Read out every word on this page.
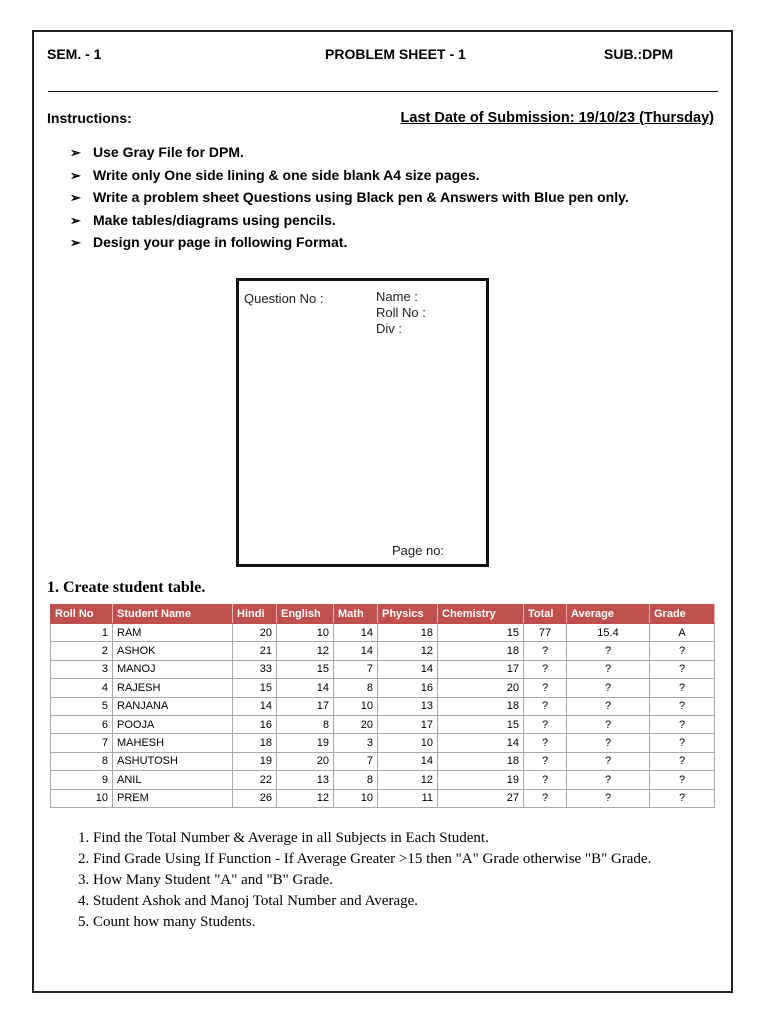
SEM. - 1	PROBLEM SHEET - 1	SUB.:DPM
Instructions:	Last Date of Submission: 19/10/23 (Thursday)
➢ Use Gray File for DPM.
➢ Write only One side lining & one side blank A4 size pages.
➢ Write a problem sheet Questions using Black pen & Answers with Blue pen only.
➢ Make tables/diagrams using pencils.
➢ Design your page in following Format.
Question No :	Name :
Roll No :
Div :
Page no:
1. Create student table.
Roll No	Student Name	Hindi	English	Math	Physics	Chemistry	Total	Average	Grade
1	RAM	20	10	14	18	15	77	15.4	A
2	ASHOK	21	12	14	12	18	?	?	?
3	MANOJ	33	15	7	14	17	?	?	?
4	RAJESH	15	14	8	16	20	?	?	?
5	RANJANA	14	17	10	13	18	?	?	?
6	POOJA	16	8	20	17	15	?	?	?
7	MAHESH	18	19	3	10	14	?	?	?
8	ASHUTOSH	19	20	7	14	18	?	?	?
9	ANIL	22	13	8	12	19	?	?	?
10	PREM	26	12	10	11	27	?	?	?
1. Find the Total Number & Average in all Subjects in Each Student.
2. Find Grade Using If Function - If Average Greater >15 then "A" Grade otherwise "B" Grade.
3. How Many Student "A" and "B" Grade.
4. Student Ashok and Manoj Total Number and Average.
5. Count how many Students.
